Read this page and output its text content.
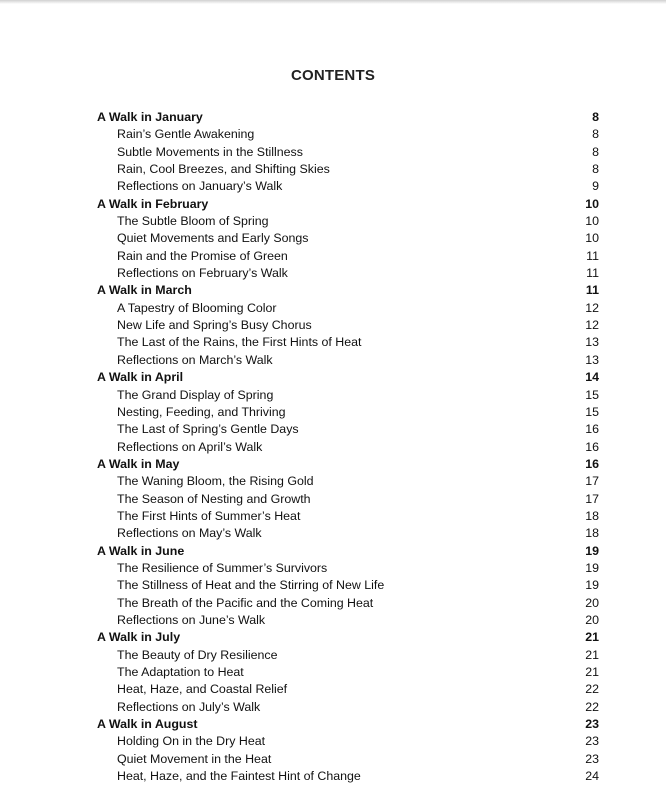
CONTENTS
A Walk in January	8
Rain’s Gentle Awakening	8
Subtle Movements in the Stillness	8
Rain, Cool Breezes, and Shifting Skies	8
Reflections on January’s Walk	9
A Walk in February	10
The Subtle Bloom of Spring	10
Quiet Movements and Early Songs	10
Rain and the Promise of Green	11
Reflections on February’s Walk	11
A Walk in March	11
A Tapestry of Blooming Color	12
New Life and Spring’s Busy Chorus	12
The Last of the Rains, the First Hints of Heat	13
Reflections on March’s Walk	13
A Walk in April	14
The Grand Display of Spring	15
Nesting, Feeding, and Thriving	15
The Last of Spring’s Gentle Days	16
Reflections on April’s Walk	16
A Walk in May	16
The Waning Bloom, the Rising Gold	17
The Season of Nesting and Growth	17
The First Hints of Summer’s Heat	18
Reflections on May’s Walk	18
A Walk in June	19
The Resilience of Summer’s Survivors	19
The Stillness of Heat and the Stirring of New Life	19
The Breath of the Pacific and the Coming Heat	20
Reflections on June’s Walk	20
A Walk in July	21
The Beauty of Dry Resilience	21
The Adaptation to Heat	21
Heat, Haze, and Coastal Relief	22
Reflections on July’s Walk	22
A Walk in August	23
Holding On in the Dry Heat	23
Quiet Movement in the Heat	23
Heat, Haze, and the Faintest Hint of Change	24
